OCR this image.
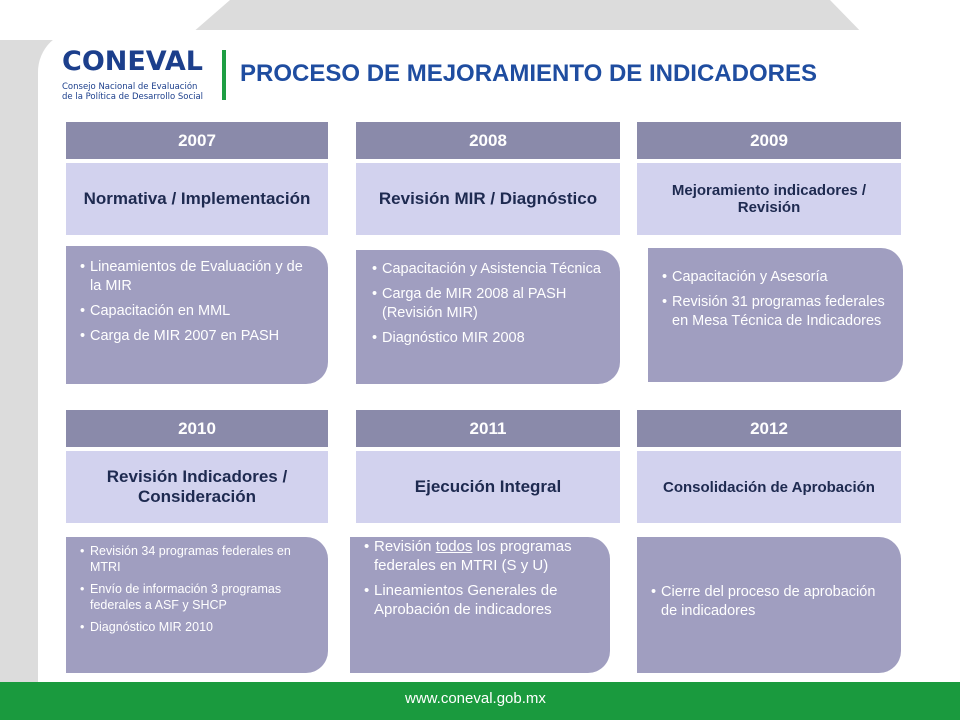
CONEVAL
Consejo Nacional de Evaluación
de la Política de Desarrollo Social
PROCESO DE MEJORAMIENTO DE INDICADORES
2007
Normativa / Implementación
• Lineamientos de Evaluación y de la MIR
• Capacitación en MML
• Carga de MIR 2007 en PASH
2008
Revisión MIR / Diagnóstico
• Capacitación y Asistencia Técnica
• Carga de MIR 2008 al PASH (Revisión MIR)
• Diagnóstico MIR 2008
2009
Mejoramiento indicadores / Revisión
• Capacitación y Asesoría
• Revisión 31 programas federales en Mesa Técnica de Indicadores
2010
Revisión Indicadores / Consideración
• Revisión 34 programas federales en MTRI
• Envío de información 3 programas federales a ASF y SHCP
• Diagnóstico MIR 2010
2011
Ejecución Integral
• Revisión todos los programas federales en MTRI (S y U)
• Lineamientos Generales de Aprobación de indicadores
2012
Consolidación de Aprobación
• Cierre del proceso de aprobación de indicadores
www.coneval.gob.mx
